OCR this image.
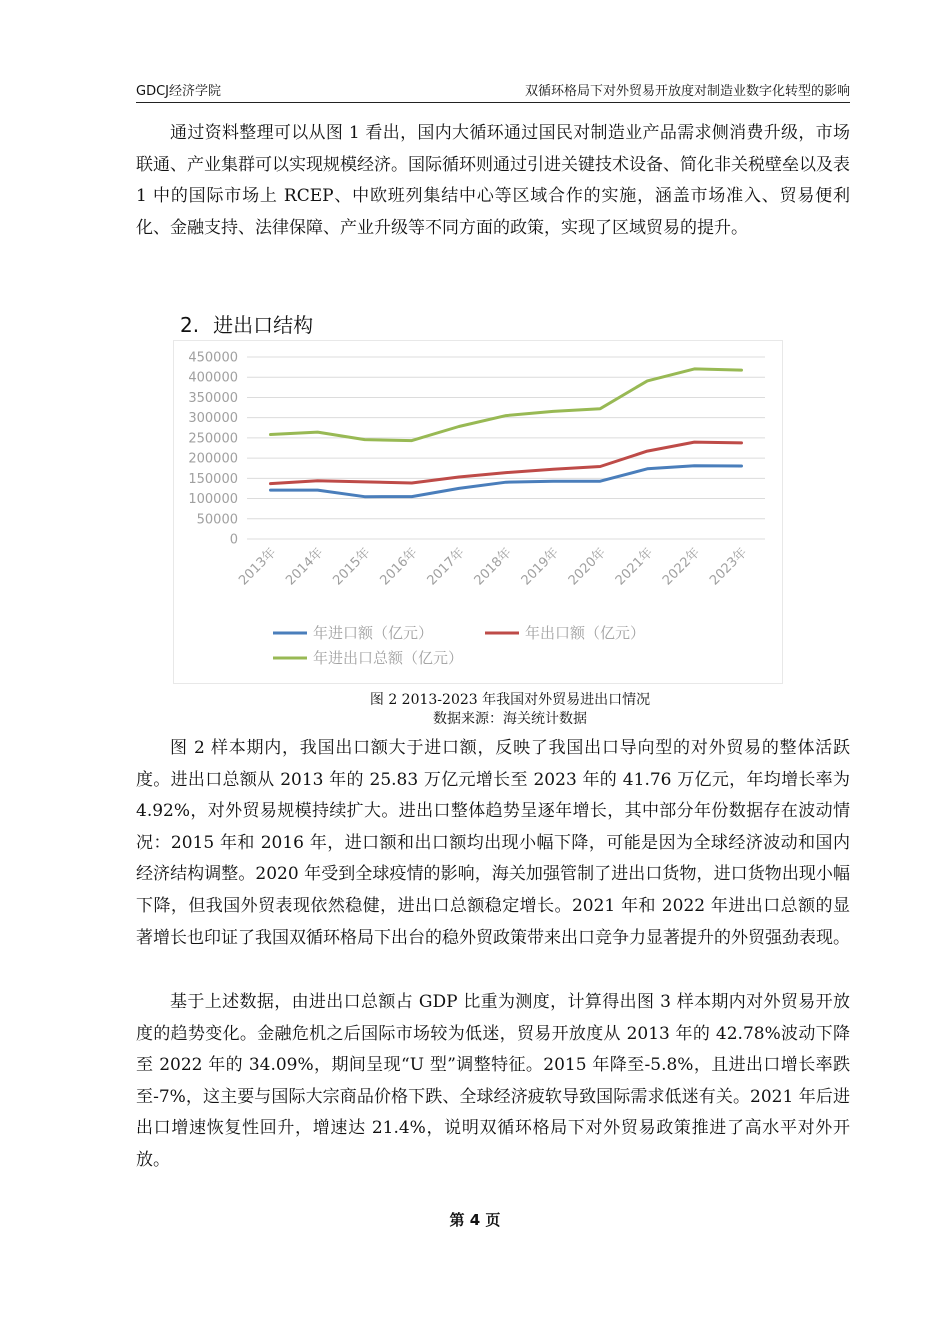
GDCJ经济学院	双循环格局下对外贸易开放度对制造业数字化转型的影响

通过资料整理可以从图 1 看出，国内大循环通过国民对制造业产品需求侧消费升级，市场联通、产业集群可以实现规模经济。国际循环则通过引进关键技术设备、简化非关税壁垒以及表 1 中的国际市场上 RCEP、中欧班列集结中心等区域合作的实施，涵盖市场准入、贸易便利化、金融支持、法律保障、产业升级等不同方面的政策，实现了区域贸易的提升。

2. 进出口结构
0
50000
100000
150000
200000
250000
300000
350000
400000
450000
2013年 2014年 2015年 2016年 2017年 2018年 2019年 2020年 2021年 2022年 2023年
年进口额（亿元）	年出口额（亿元）
年进出口总额（亿元）
图 2 2013-2023 年我国对外贸易进出口情况
数据来源：海关统计数据

图 2 样本期内，我国出口额大于进口额，反映了我国出口导向型的对外贸易的整体活跃度。进出口总额从 2013 年的 25.83 万亿元增长至 2023 年的 41.76 万亿元，年均增长率为 4.92%，对外贸易规模持续扩大。进出口整体趋势呈逐年增长，其中部分年份数据存在波动情况：2015 年和 2016 年，进口额和出口额均出现小幅下降，可能是因为全球经济波动和国内经济结构调整。2020 年受到全球疫情的影响，海关加强管制了进出口货物，进口货物出现小幅下降，但我国外贸表现依然稳健，进出口总额稳定增长。2021 年和 2022 年进出口总额的显著增长也印证了我国双循环格局下出台的稳外贸政策带来出口竞争力显著提升的外贸强劲表现。

基于上述数据，由进出口总额占 GDP 比重为测度，计算得出图 3 样本期内对外贸易开放度的趋势变化。金融危机之后国际市场较为低迷，贸易开放度从 2013 年的 42.78%波动下降至 2022 年的 34.09%，期间呈现“U 型”调整特征。2015 年降至-5.8%，且进出口增长率跌至-7%，这主要与国际大宗商品价格下跌、全球经济疲软导致国际需求低迷有关。2021 年后进出口增速恢复性回升，增速达 21.4%，说明双循环格局下对外贸易政策推进了高水平对外开放。

第 4 页
